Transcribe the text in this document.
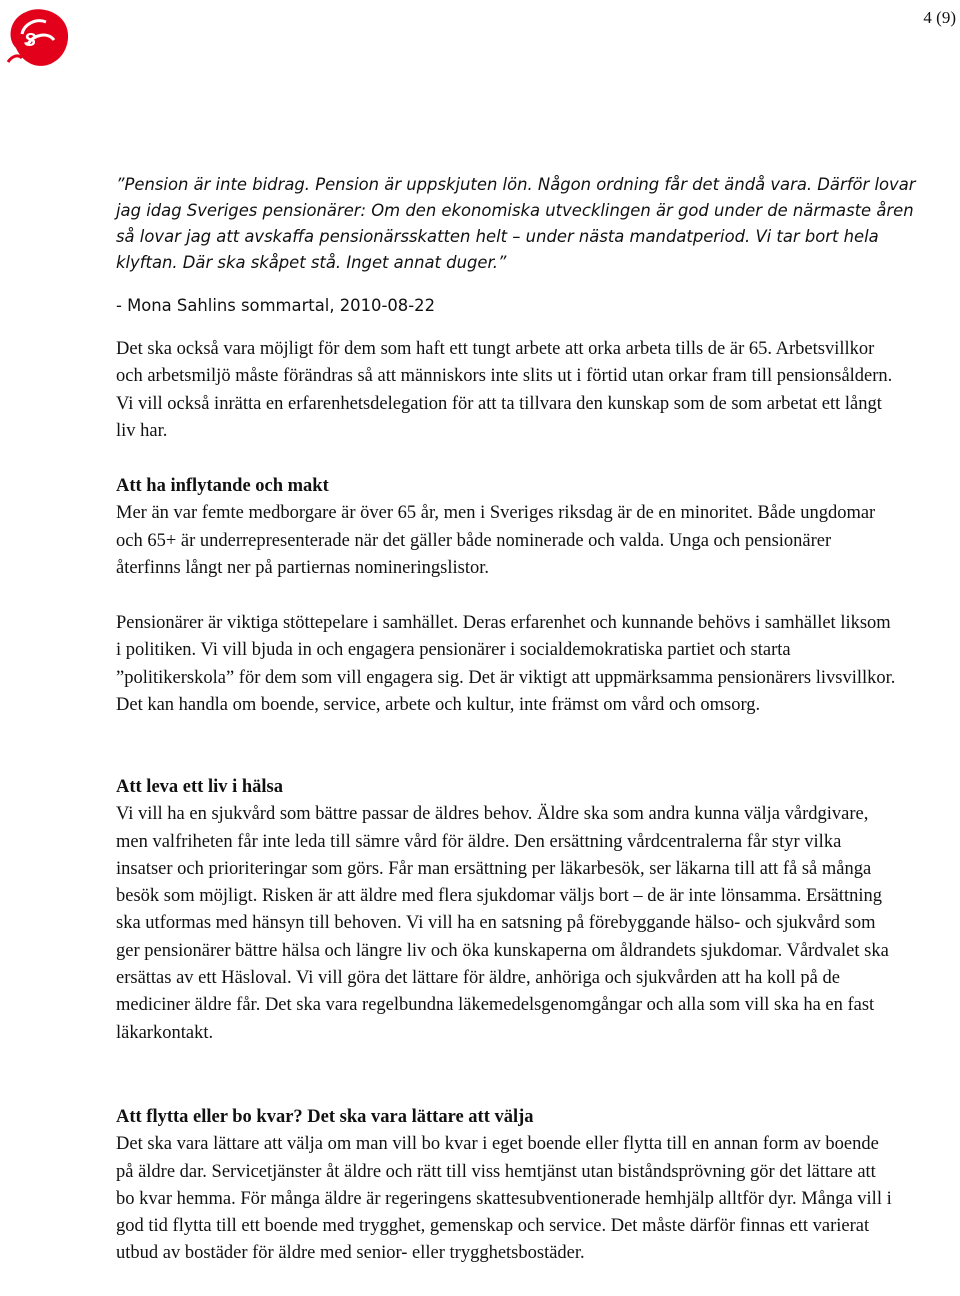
S
4 (9)
”Pension är inte bidrag. Pension är uppskjuten lön. Någon ordning får det ändå vara. Därför lovar jag idag Sveriges pensionärer: Om den ekonomiska utvecklingen är god under de närmaste åren så lovar jag att avskaffa pensionärsskatten helt – under nästa mandatperiod. Vi tar bort hela klyftan. Där ska skåpet stå. Inget annat duger.”
- Mona Sahlins sommartal, 2010-08-22

Det ska också vara möjligt för dem som haft ett tungt arbete att orka arbeta tills de är 65. Arbetsvillkor och arbetsmiljö måste förändras så att människors inte slits ut i förtid utan orkar fram till pensionsåldern. Vi vill också inrätta en erfarenhetsdelegation för att ta tillvara den kunskap som de som arbetat ett långt liv har.

Att ha inflytande och makt

Mer än var femte medborgare är över 65 år, men i Sveriges riksdag är de en minoritet. Både ungdomar och 65+ är underrepresenterade när det gäller både nominerade och valda. Unga och pensionärer återfinns långt ner på partiernas nomineringslistor.

Pensionärer är viktiga stöttepelare i samhället. Deras erfarenhet och kunnande behövs i samhället liksom i politiken. Vi vill bjuda in och engagera pensionärer i socialdemokratiska partiet och starta ”politikerskola” för dem som vill engagera sig. Det är viktigt att uppmärksamma pensionärers livsvillkor. Det kan handla om boende, service, arbete och kultur, inte främst om vård och omsorg.

Att leva ett liv i hälsa

Vi vill ha en sjukvård som bättre passar de äldres behov. Äldre ska som andra kunna välja vårdgivare, men valfriheten får inte leda till sämre vård för äldre. Den ersättning vårdcentralerna får styr vilka insatser och prioriteringar som görs. Får man ersättning per läkarbesök, ser läkarna till att få så många besök som möjligt. Risken är att äldre med flera sjukdomar väljs bort – de är inte lönsamma. Ersättning ska utformas med hänsyn till behoven. Vi vill ha en satsning på förebyggande hälso- och sjukvård som ger pensionärer bättre hälsa och längre liv och öka kunskaperna om åldrandets sjukdomar. Vårdvalet ska ersättas av ett Häsloval. Vi vill göra det lättare för äldre, anhöriga och sjukvården att ha koll på de mediciner äldre får. Det ska vara regelbundna läkemedelsgenomgångar och alla som vill ska ha en fast läkarkontakt.

Att flytta eller bo kvar? Det ska vara lättare att välja

Det ska vara lättare att välja om man vill bo kvar i eget boende eller flytta till en annan form av boende på äldre dar. Servicetjänster åt äldre och rätt till viss hemtjänst utan biståndsprövning gör det lättare att bo kvar hemma. För många äldre är regeringens skattesubventionerade hemhjälp alltför dyr. Många vill i god tid flytta till ett boende med trygghet, gemenskap och service. Det måste därför finnas ett varierat utbud av bostäder för äldre med senior- eller trygghetsbostäder.
